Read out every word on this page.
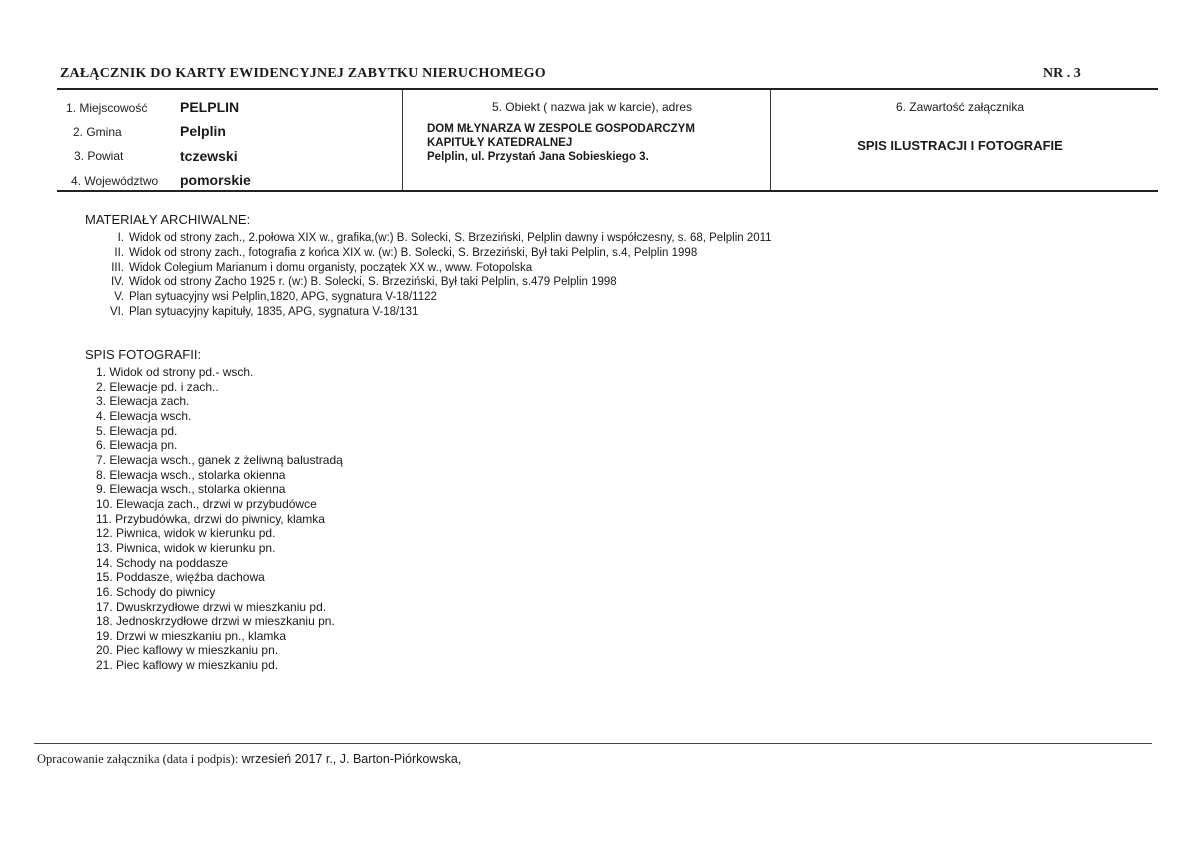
ZAŁĄCZNIK DO KARTY EWIDENCYJNEJ ZABYTKU NIERUCHOMEGO	NR . 3
1. Miejscowość PELPLIN
2. Gmina	Pelplin
3. Powiat	tczewski
4. Województwo pomorskie
5. Obiekt ( nazwa jak w karcie), adres
DOM MŁYNARZA W ZESPOLE GOSPODARCZYM
KAPITUŁY KATEDRALNEJ
Pelplin, ul. Przystań Jana Sobieskiego 3.
6. Zawartość załącznika
SPIS ILUSTRACJI I FOTOGRAFIE
MATERIAŁY ARCHIWALNE:
I. Widok od strony zach., 2.połowa XIX w., grafika,(w:) B. Solecki, S. Brzeziński, Pelplin dawny i współczesny, s. 68, Pelplin 2011
II. Widok od strony zach., fotografia z końca XIX w. (w:) B. Solecki, S. Brzeziński, Był taki Pelplin, s.4, Pelplin 1998
III. Widok Colegium Marianum i domu organisty, początek XX w., www. Fotopolska
IV. Widok od strony Zacho 1925 r. (w:) B. Solecki, S. Brzeziński, Był taki Pelplin, s.479 Pelplin 1998
V. Plan sytuacyjny wsi Pelplin,1820, APG, sygnatura V-18/1122
VI. Plan sytuacyjny kapituły, 1835, APG, sygnatura V-18/131
SPIS FOTOGRAFII:
1. Widok od strony pd.- wsch.
2. Elewacje pd. i zach..
3. Elewacja zach.
4. Elewacja wsch.
5. Elewacja pd.
6. Elewacja pn.
7. Elewacja wsch., ganek z żeliwną balustradą
8. Elewacja wsch., stolarka okienna
9. Elewacja wsch., stolarka okienna
10. Elewacja zach., drzwi w przybudówce
11. Przybudówka, drzwi do piwnicy, klamka
12. Piwnica, widok w kierunku pd.
13. Piwnica, widok w kierunku pn.
14. Schody na poddasze
15. Poddasze, więźba dachowa
16. Schody do piwnicy
17. Dwuskrzydłowe drzwi w mieszkaniu pd.
18. Jednoskrzydłowe drzwi w mieszkaniu pn.
19. Drzwi w mieszkaniu pn., klamka
20. Piec kaflowy w mieszkaniu pn.
21. Piec kaflowy w mieszkaniu pd.
Opracowanie załącznika (data i podpis): wrzesień 2017 r., J. Barton-Piórkowska,
